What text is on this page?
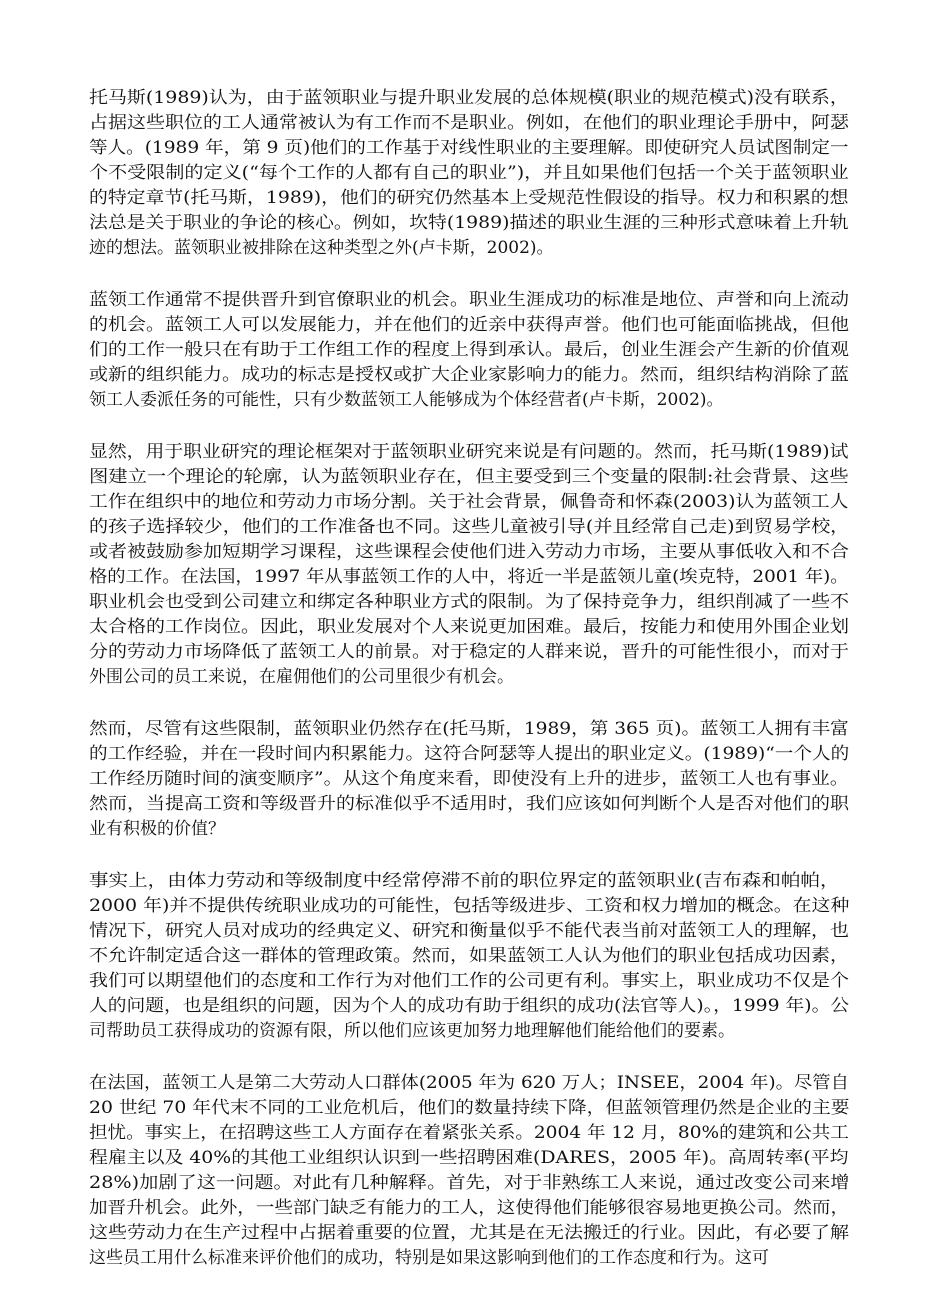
托马斯(1989)认为，由于蓝领职业与提升职业发展的总体规模(职业的规范模式)没有联系，
占据这些职位的工人通常被认为有工作而不是职业。例如，在他们的职业理论手册中，阿瑟
等人。(1989 年，第 9 页)他们的工作基于对线性职业的主要理解。即使研究人员试图制定一
个不受限制的定义(“每个工作的人都有自己的职业”)，并且如果他们包括一个关于蓝领职业
的特定章节(托马斯，1989)，他们的研究仍然基本上受规范性假设的指导。权力和积累的想
法总是关于职业的争论的核心。例如，坎特(1989)描述的职业生涯的三种形式意味着上升轨
迹的想法。蓝领职业被排除在这种类型之外(卢卡斯，2002)。
蓝领工作通常不提供晋升到官僚职业的机会。职业生涯成功的标准是地位、声誉和向上流动
的机会。蓝领工人可以发展能力，并在他们的近亲中获得声誉。他们也可能面临挑战，但他
们的工作一般只在有助于工作组工作的程度上得到承认。最后，创业生涯会产生新的价值观
或新的组织能力。成功的标志是授权或扩大企业家影响力的能力。然而，组织结构消除了蓝
领工人委派任务的可能性，只有少数蓝领工人能够成为个体经营者(卢卡斯，2002)。
显然，用于职业研究的理论框架对于蓝领职业研究来说是有问题的。然而，托马斯(1989)试
图建立一个理论的轮廓，认为蓝领职业存在，但主要受到三个变量的限制:社会背景、这些
工作在组织中的地位和劳动力市场分割。关于社会背景，佩鲁奇和怀森(2003)认为蓝领工人
的孩子选择较少，他们的工作准备也不同。这些儿童被引导(并且经常自己走)到贸易学校，
或者被鼓励参加短期学习课程，这些课程会使他们进入劳动力市场，主要从事低收入和不合
格的工作。在法国，1997 年从事蓝领工作的人中，将近一半是蓝领儿童(埃克特，2001 年)。
职业机会也受到公司建立和绑定各种职业方式的限制。为了保持竞争力，组织削减了一些不
太合格的工作岗位。因此，职业发展对个人来说更加困难。最后，按能力和使用外围企业划
分的劳动力市场降低了蓝领工人的前景。对于稳定的人群来说，晋升的可能性很小，而对于
外围公司的员工来说，在雇佣他们的公司里很少有机会。
然而，尽管有这些限制，蓝领职业仍然存在(托马斯，1989，第 365 页)。蓝领工人拥有丰富
的工作经验，并在一段时间内积累能力。这符合阿瑟等人提出的职业定义。(1989)“一个人的
工作经历随时间的演变顺序”。从这个角度来看，即使没有上升的进步，蓝领工人也有事业。
然而，当提高工资和等级晋升的标准似乎不适用时，我们应该如何判断个人是否对他们的职
业有积极的价值？
事实上，由体力劳动和等级制度中经常停滞不前的职位界定的蓝领职业(吉布森和帕帕，
2000 年)并不提供传统职业成功的可能性，包括等级进步、工资和权力增加的概念。在这种
情况下，研究人员对成功的经典定义、研究和衡量似乎不能代表当前对蓝领工人的理解，也
不允许制定适合这一群体的管理政策。然而，如果蓝领工人认为他们的职业包括成功因素，
我们可以期望他们的态度和工作行为对他们工作的公司更有利。事实上，职业成功不仅是个
人的问题，也是组织的问题，因为个人的成功有助于组织的成功(法官等人)。，1999 年)。公
司帮助员工获得成功的资源有限，所以他们应该更加努力地理解他们能给他们的要素。
在法国，蓝领工人是第二大劳动人口群体(2005 年为 620 万人；INSEE，2004 年)。尽管自
20 世纪 70 年代末不同的工业危机后，他们的数量持续下降，但蓝领管理仍然是企业的主要
担忧。事实上，在招聘这些工人方面存在着紧张关系。2004 年 12 月，80%的建筑和公共工
程雇主以及 40%的其他工业组织认识到一些招聘困难(DARES，2005 年)。高周转率(平均
28%)加剧了这一问题。对此有几种解释。首先，对于非熟练工人来说，通过改变公司来增
加晋升机会。此外，一些部门缺乏有能力的工人，这使得他们能够很容易地更换公司。然而，
这些劳动力在生产过程中占据着重要的位置，尤其是在无法搬迁的行业。因此，有必要了解
这些员工用什么标准来评价他们的成功，特别是如果这影响到他们的工作态度和行为。这可
